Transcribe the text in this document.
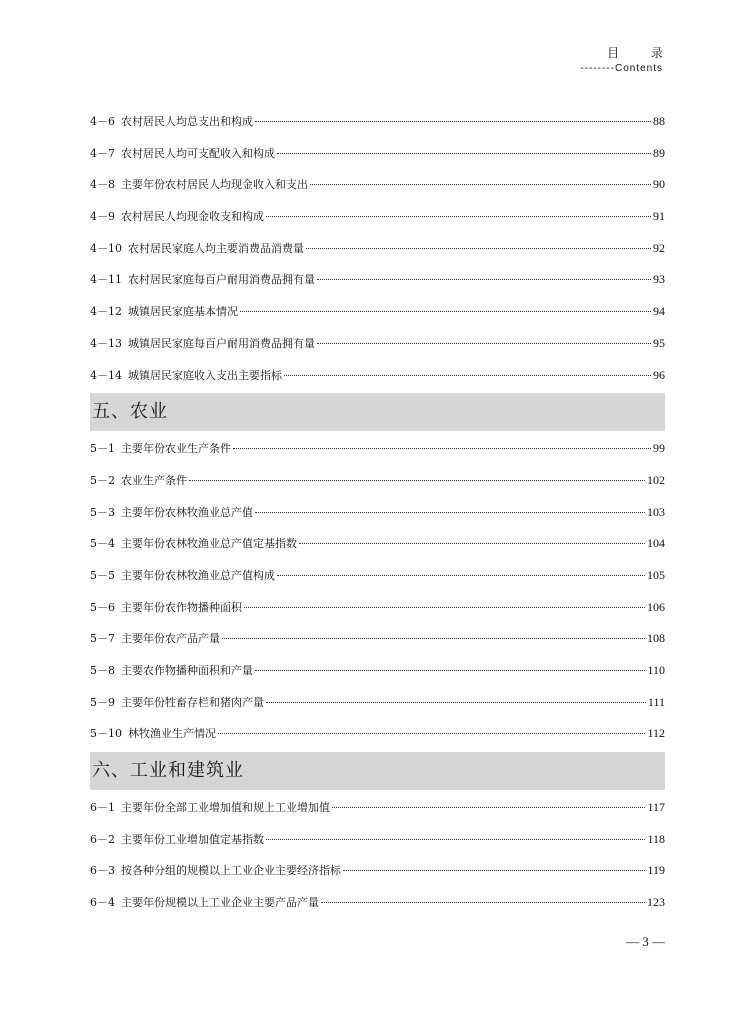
目 录
--------Contents
4－6 农村居民人均总支出和构成	88
4－7 农村居民人均可支配收入和构成	89
4－8 主要年份农村居民人均现金收入和支出	90
4－9 农村居民人均现金收支和构成	91
4－10 农村居民家庭人均主要消费品消费量	92
4－11 农村居民家庭每百户耐用消费品拥有量	93
4－12 城镇居民家庭基本情况	94
4－13 城镇居民家庭每百户耐用消费品拥有量	95
4－14 城镇居民家庭收入支出主要指标	96
五、农业
5－1 主要年份农业生产条件	99
5－2 农业生产条件	102
5－3 主要年份农林牧渔业总产值	103
5－4 主要年份农林牧渔业总产值定基指数	104
5－5 主要年份农林牧渔业总产值构成	105
5－6 主要年份农作物播种面积	106
5－7 主要年份农产品产量	108
5－8 主要农作物播种面积和产量	110
5－9 主要年份牲畜存栏和猪肉产量	111
5－10 林牧渔业生产情况	112
六、工业和建筑业
6－1 主要年份全部工业增加值和规上工业增加值	117
6－2 主要年份工业增加值定基指数	118
6－3 按各种分组的规模以上工业企业主要经济指标	119
6－4 主要年份规模以上工业企业主要产品产量	123
— 3 —
